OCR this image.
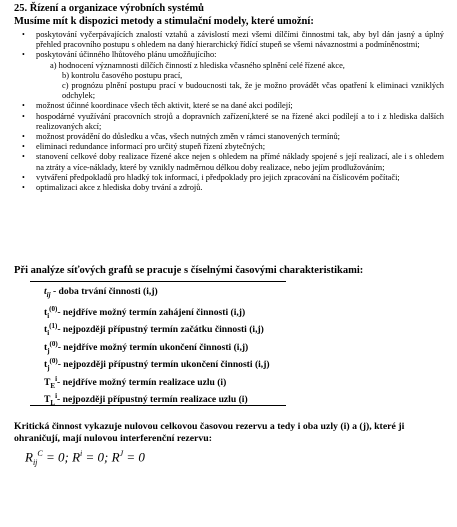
25. Řízení a organizace výrobních systémů
Musíme mít k dispozici metody a stimulační modely, které umožní:
• poskytování vyčerpávajících znalostí vztahů a závislostí mezi všemi dílčími činnostmi tak, aby byl dán jasný a úplný přehled pracovního postupu s ohledem na daný hierarchický řídící stupeň se všemi návaznostmi a podmíněnostmi;
• poskytování účinného lhůtového plánu umožňujícího:
a) hodnocení významnosti dílčích činností z hlediska včasného splnění celé řízené akce,
b) kontrolu časového postupu prací,
c) prognózu plnění postupu prací v budoucnosti tak, že je možno provádět včas opatření k eliminaci vzniklých odchylek;
• možnost účinné koordinace všech těch aktivit, které se na dané akci podílejí;
• hospodárné využívání pracovních strojů a dopravních zařízení,které se na řízené akci podílejí a to i z hlediska dalších realizovaných akcí;
• možnost provádění do důsledku a včas, všech nutných změn v rámci stanovených termínů;
• eliminaci redundance informací pro určitý stupeň řízení zbytečných;
• stanovení celkové doby realizace řízené akce nejen s ohledem na přímé náklady spojené s její realizací, ale i s ohledem na ztráty a více-náklady, které by vznikly nadměrnou délkou doby realizace, nebo jejím prodlužováním;
• vytváření předpokladů pro hladký tok informací, i předpoklady pro jejich zpracování na číslicovém počítači;
• optimalizaci akce z hlediska doby trvání a zdrojů.
Při analýze síťových grafů se pracuje s číselnými časovými charakteristikami:
$t_{ij}$ - doba trvání činnosti (i,j)
$t_i^{(0)}-$ nejdříve možný termín zahájení činnosti (i,j)
$t_i^{(1)}-$ nejpozději přípustný termín začátku činnosti (i,j)
$t_j^{(0)}-$ nejdříve možný termín ukončení činnosti (i,j)
$t_j^{(0)}-$ nejpozději přípustný termín ukončení činnosti (i,j)
$T_E^i-$ nejdříve možný termín realizace uzlu (i)
$T_L^i-$ nejpozději přípustný termín realizace uzlu (i)
Kritická činnost vykazuje nulovou celkovou časovou rezervu a tedy i oba uzly (i) a (j), které ji ohraničují, mají nulovou interferenční rezervu:
$R_{ij}^C = 0$; $R^i = 0$; $R^J = 0$
